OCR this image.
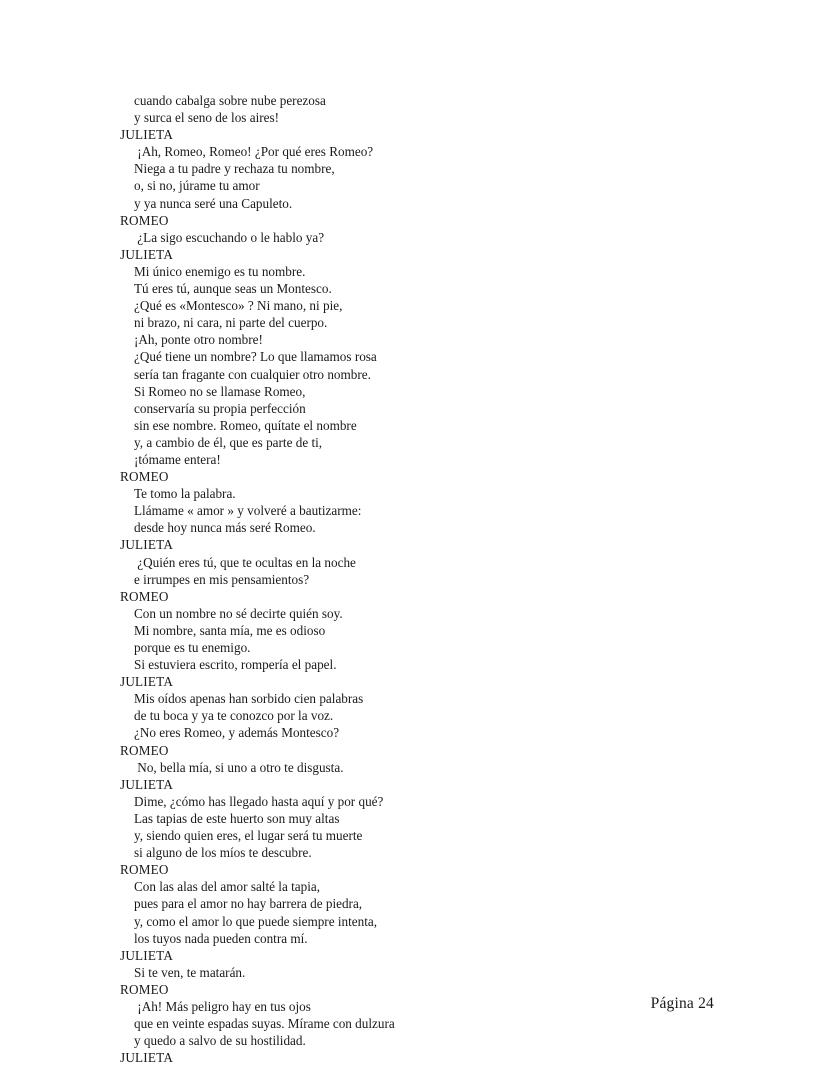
cuando cabalga sobre nube perezosa
y surca el seno de los aires!
JULIETA
¡Ah, Romeo, Romeo! ¿Por qué eres Romeo?
Niega a tu padre y rechaza tu nombre,
o, si no, júrame tu amor
y ya nunca seré una Capuleto.
ROMEO
¿La sigo escuchando o le hablo ya?
JULIETA
Mi único enemigo es tu nombre.
Tú eres tú, aunque seas un Montesco.
¿Qué es «Montesco» ? Ni mano, ni pie,
ni brazo, ni cara, ni parte del cuerpo.
¡Ah, ponte otro nombre!
¿Qué tiene un nombre? Lo que llamamos rosa
sería tan fragante con cualquier otro nombre.
Si Romeo no se llamase Romeo,
conservaría su propia perfección
sin ese nombre. Romeo, quítate el nombre
y, a cambio de él, que es parte de ti,
¡tómame entera!
ROMEO
Te tomo la palabra.
Llámame « amor » y volveré a bautizarme:
desde hoy nunca más seré Romeo.
JULIETA
¿Quién eres tú, que te ocultas en la noche
e irrumpes en mis pensamientos?
ROMEO
Con un nombre no sé decirte quién soy.
Mi nombre, santa mía, me es odioso
porque es tu enemigo.
Si estuviera escrito, rompería el papel.
JULIETA
Mis oídos apenas han sorbido cien palabras
de tu boca y ya te conozco por la voz.
¿No eres Romeo, y además Montesco?
ROMEO
No, bella mía, si uno a otro te disgusta.
JULIETA
Dime, ¿cómo has llegado hasta aquí y por qué?
Las tapias de este huerto son muy altas
y, siendo quien eres, el lugar será tu muerte
si alguno de los míos te descubre.
ROMEO
Con las alas del amor salté la tapia,
pues para el amor no hay barrera de piedra,
y, como el amor lo que puede siempre intenta,
los tuyos nada pueden contra mí.
JULIETA
Si te ven, te matarán.
ROMEO
¡Ah! Más peligro hay en tus ojos
que en veinte espadas suyas. Mírame con dulzura
y quedo a salvo de su hostilidad.
JULIETA
Página 24
